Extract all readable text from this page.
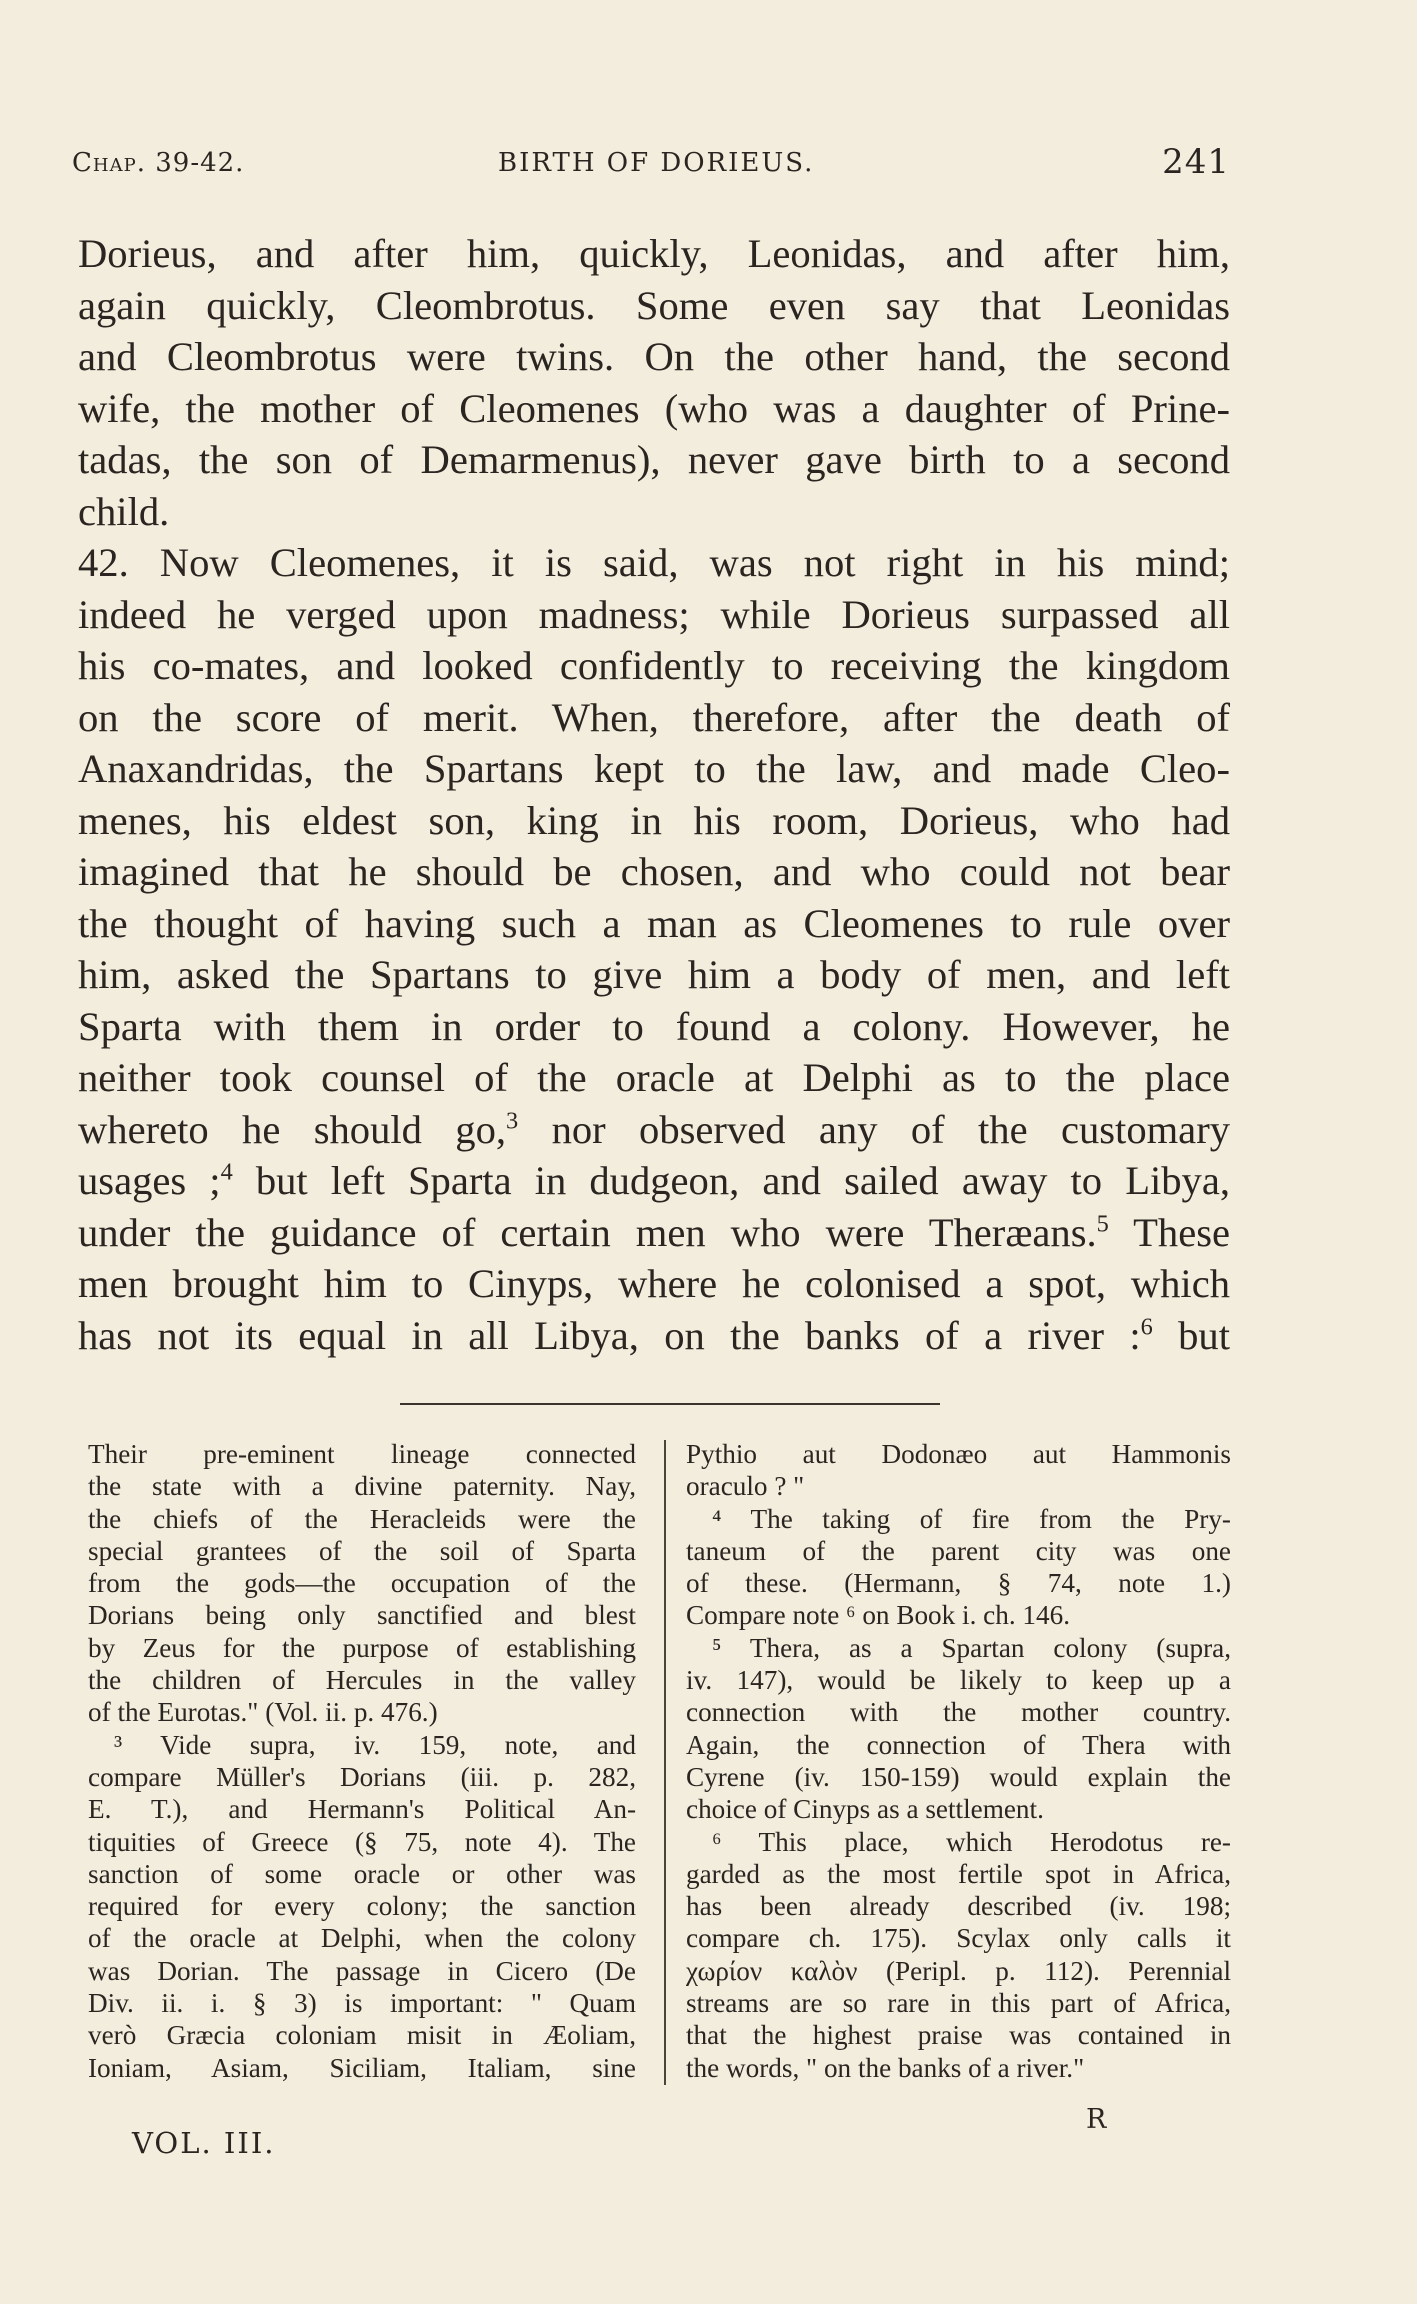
Chap. 39-42.	BIRTH OF DORIEUS.	241

Dorieus, and after him, quickly, Leonidas, and after him,

again quickly, Cleombrotus. Some even say that Leonidas

and Cleombrotus were twins. On the other hand, the second

wife, the mother of Cleomenes (who was a daughter of Prine-

tadas, the son of Demarmenus), never gave birth to a second

child.

42. Now Cleomenes, it is said, was not right in his mind;

indeed he verged upon madness; while Dorieus surpassed all

his co-mates, and looked confidently to receiving the kingdom

on the score of merit. When, therefore, after the death of

Anaxandridas, the Spartans kept to the law, and made Cleo-

menes, his eldest son, king in his room, Dorieus, who had

imagined that he should be chosen, and who could not bear

the thought of having such a man as Cleomenes to rule over

him, asked the Spartans to give him a body of men, and left

Sparta with them in order to found a colony. However, he

neither took counsel of the oracle at Delphi as to the place

whereto he should go,$^3$ nor observed any of the customary

usages ;$^4$ but left Sparta in dudgeon, and sailed away to Libya,

under the guidance of certain men who were Theræans.$^5$ These

men brought him to Cinyps, where he colonised a spot, which

has not its equal in all Libya, on the banks of a river :$^6$ but

Their pre-eminent lineage connected

the state with a divine paternity. Nay,

the chiefs of the Heracleids were the

special grantees of the soil of Sparta

from the gods—the occupation of the

Dorians being only sanctified and blest

by Zeus for the purpose of establishing

the children of Hercules in the valley

of the Eurotas." (Vol. ii. p. 476.)

³ Vide supra, iv. 159, note, and

compare Müller's Dorians (iii. p. 282,

E. T.), and Hermann's Political An-

tiquities of Greece (§ 75, note 4). The

sanction of some oracle or other was

required for every colony; the sanction

of the oracle at Delphi, when the colony

was Dorian. The passage in Cicero (De

Div. ii. i. § 3) is important: " Quam

verò Græcia coloniam misit in Æoliam,

Ioniam, Asiam, Siciliam, Italiam, sine

Pythio aut Dodonæo aut Hammonis

oraculo ? "

⁴ The taking of fire from the Pry-

taneum of the parent city was one

of these. (Hermann, § 74, note 1.)

Compare note ⁶ on Book i. ch. 146.

⁵ Thera, as a Spartan colony (supra,

iv. 147), would be likely to keep up a

connection with the mother country.

Again, the connection of Thera with

Cyrene (iv. 150-159) would explain the

choice of Cinyps as a settlement.

⁶ This place, which Herodotus re-

garded as the most fertile spot in Africa,

has been already described (iv. 198;

compare ch. 175). Scylax only calls it

χωρίον καλὸν (Peripl. p. 112). Perennial

streams are so rare in this part of Africa,

that the highest praise was contained in

the words, " on the banks of a river."

VOL. III.
R
